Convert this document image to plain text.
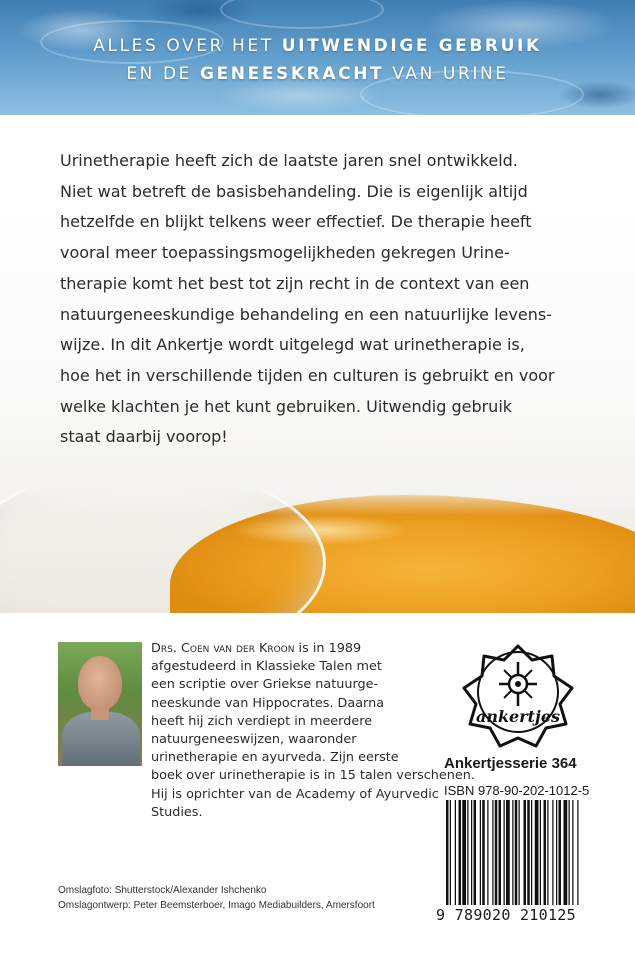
ALLES OVER HET UITWENDIGE GEBRUIK
EN DE GENEESKRACHT VAN URINE

Urinetherapie heeft zich de laatste jaren snel ontwikkeld.
Niet wat betreft de basisbehandeling. Die is eigenlijk altijd
hetzelfde en blijkt telkens weer effectief. De therapie heeft
vooral meer toepassingsmogelijkheden gekregen Urine-
therapie komt het best tot zijn recht in de context van een
natuurgeneeskundige behandeling en een natuurlijke levens-
wijze. In dit Ankertje wordt uitgelegd wat urinetherapie is,
hoe het in verschillende tijden en culturen is gebruikt en voor
welke klachten je het kunt gebruiken. Uitwendig gebruik
staat daarbij voorop!

Drs. Coen van der Kroon is in 1989
afgestudeerd in Klassieke Talen met
een scriptie over Griekse natuurge-
neeskunde van Hippocrates. Daarna
heeft hij zich verdiept in meerdere
natuurgeneeswijzen, waaronder
urinetherapie en ayurveda. Zijn eerste
boek over urinetherapie is in 15 talen verschenen.
Hij is oprichter van de Academy of Ayurvedic
Studies.

ankertjes
Ankertjesserie 364
ISBN 978-90-202-1012-5
9 789020 210125
Omslagfoto: Shutterstock/Alexander Ishchenko
Omslagontwerp: Peter Beemsterboer, Imago Mediabuilders, Amersfoort
